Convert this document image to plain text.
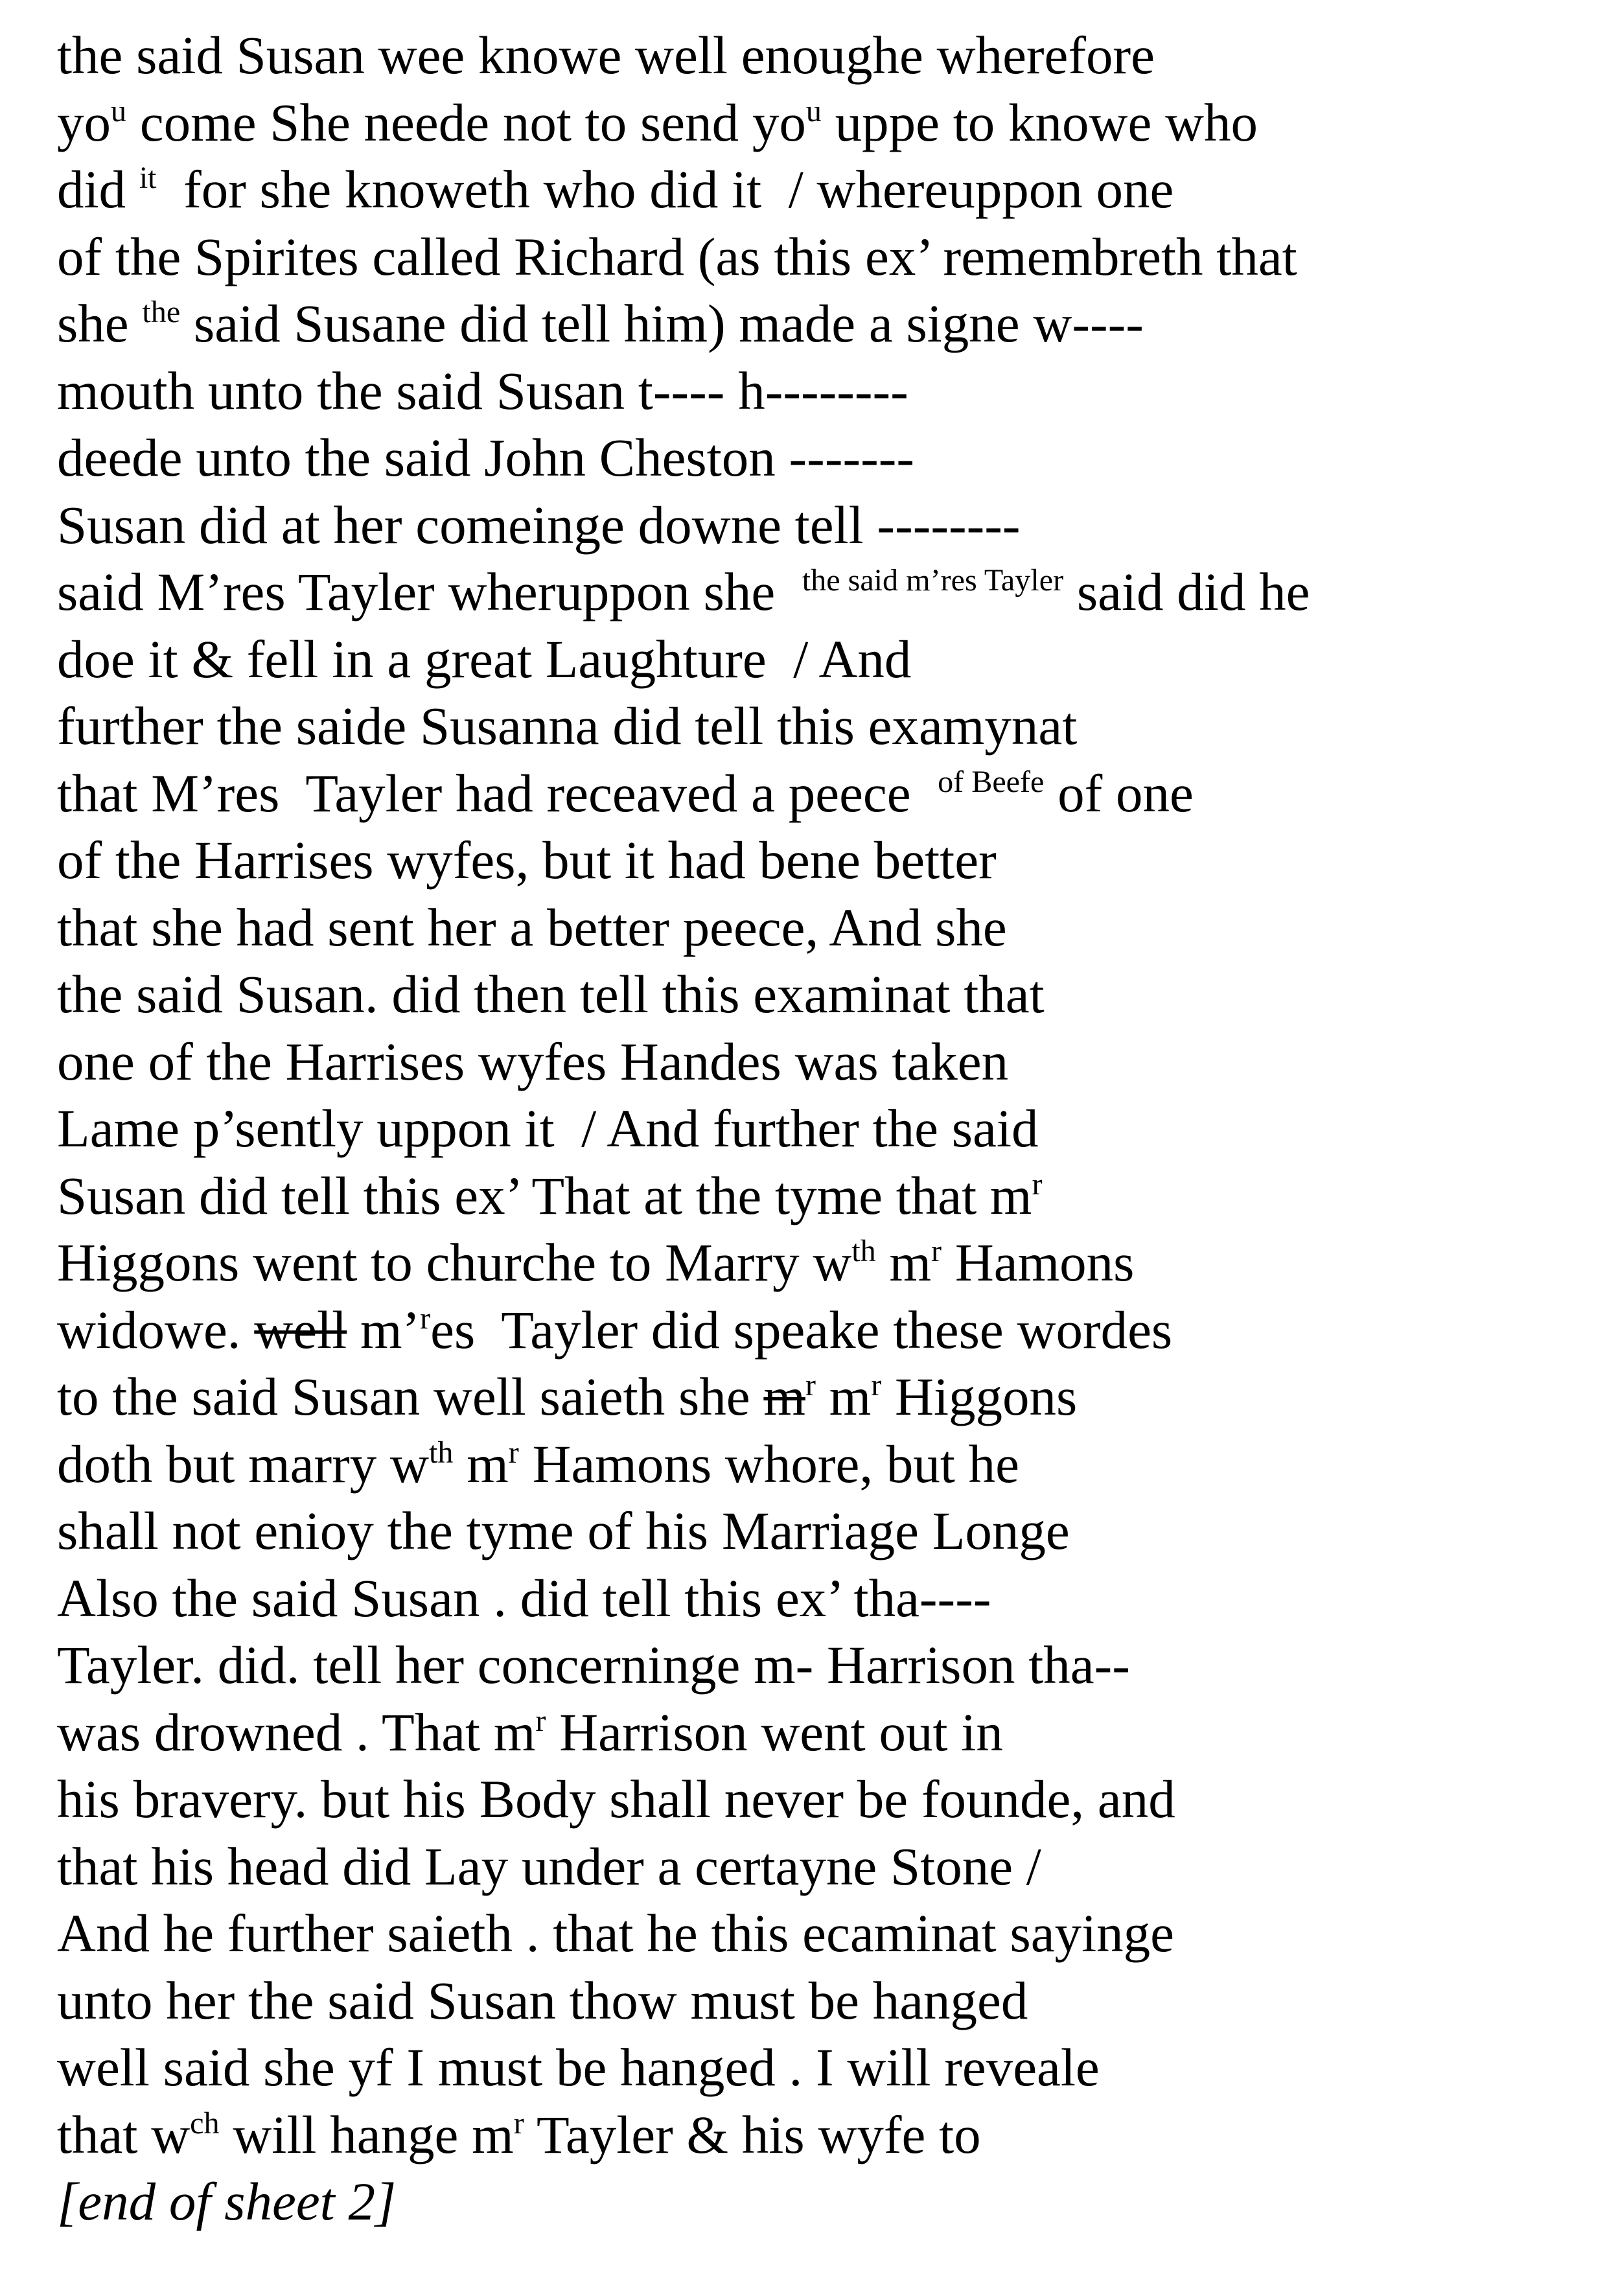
the said Susan wee knowe well enoughe wherefore
$yo^u$ come She neede not to send $yo^u$ uppe to knowe who
did $^{it}$  for she knoweth who did it  / whereuppon one
of the Spirites called Richard (as this ex’ remembreth that
she $^{the}$ said Susane did tell him) made a signe w----
mouth unto the said Susan t---- h--------
deede unto the said John Cheston -------
Susan did at her comeinge downe tell --------
said M’res Tayler wheruppon she  $^{the said m’res Tayler}$ said did he
doe it & fell in a great Laughture  / And
further the saide Susanna did tell this examynat
that M’res  Tayler had receaved a peece  $^{of Beefe}$ of one
of the Harrises wyfes, but it had bene better
that she had sent her a better peece, And she
the said Susan. did then tell this examinat that
one of the Harrises wyfes Handes was taken
Lame p’sently uppon it  / And further the said
Susan did tell this ex’ That at the tyme that $m^r$
Higgons went to churche to Marry $w^{th}$ $m^r$ Hamons
widowe. well m’$^r$es  Tayler did speake these wordes
to the said Susan well saieth she $m^r$ $m^r$ Higgons
doth but marry $w^{th}$ $m^r$ Hamons whore, but he
shall not enioy the tyme of his Marriage Longe
Also the said Susan . did tell this ex’ tha----
Tayler. did. tell her concerninge m- Harrison tha--
was drowned . That $m^r$ Harrison went out in
his bravery. but his Body shall never be founde, and
that his head did Lay under a certayne Stone /
And he further saieth . that he this ecaminat sayinge
unto her the said Susan thow must be hanged
well said she yf I must be hanged . I will reveale
that $w^{ch}$ will hange $m^r$ Tayler & his wyfe to
[end of sheet 2]
